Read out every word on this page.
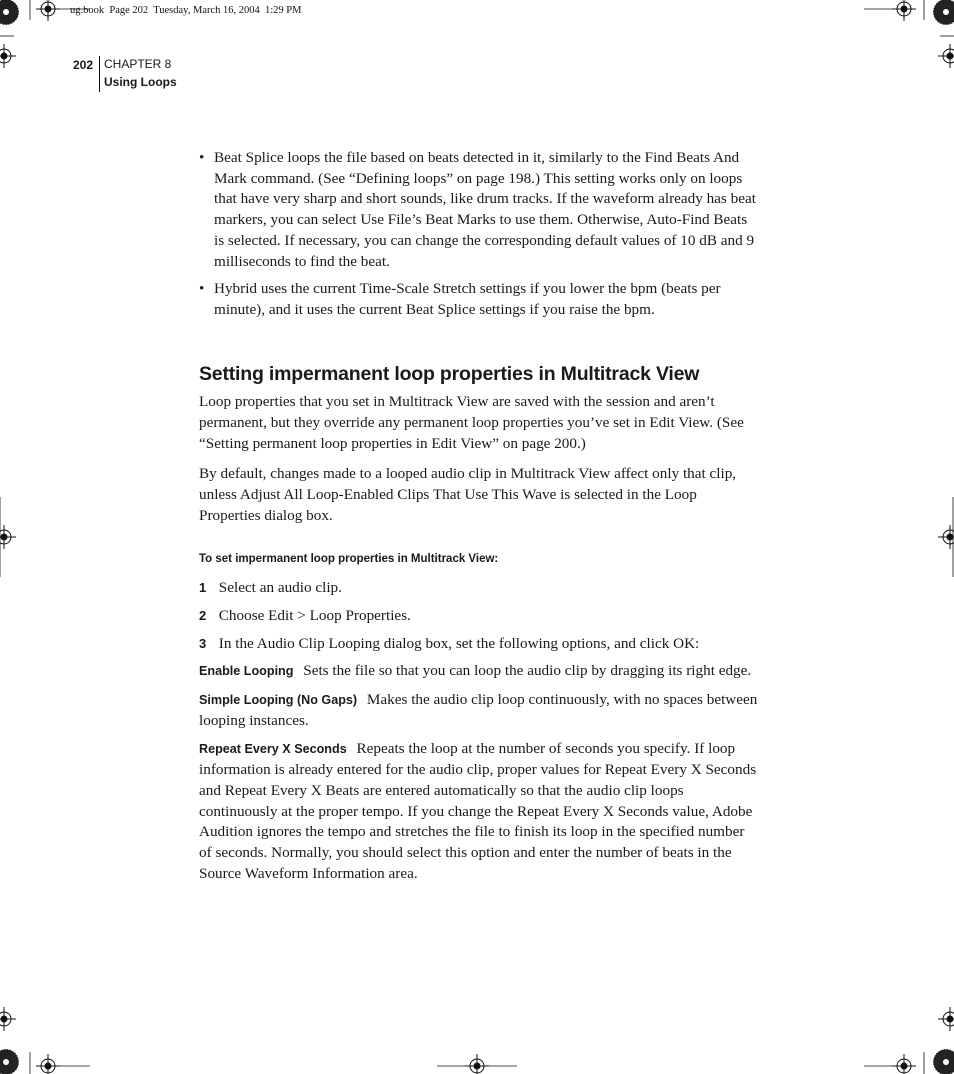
ug.book  Page 202  Tuesday, March 16, 2004  1:29 PM
202 CHAPTER 8
Using Loops
• Beat Splice loops the file based on beats detected in it, similarly to the Find Beats And Mark command. (See “Defining loops” on page 198.) This setting works only on loops that have very sharp and short sounds, like drum tracks. If the waveform already has beat markers, you can select Use File’s Beat Marks to use them. Otherwise, Auto-Find Beats is selected. If necessary, you can change the corresponding default values of 10 dB and 9 milliseconds to find the beat.
• Hybrid uses the current Time-Scale Stretch settings if you lower the bpm (beats per minute), and it uses the current Beat Splice settings if you raise the bpm.
Setting impermanent loop properties in Multitrack View

Loop properties that you set in Multitrack View are saved with the session and aren’t permanent, but they override any permanent loop properties you’ve set in Edit View. (See “Setting permanent loop properties in Edit View” on page 200.)

By default, changes made to a looped audio clip in Multitrack View affect only that clip, unless Adjust All Loop-Enabled Clips That Use This Wave is selected in the Loop Properties dialog box.

To set impermanent loop properties in Multitrack View:
1 Select an audio clip.
2 Choose Edit > Loop Properties.
3 In the Audio Clip Looping dialog box, set the following options, and click OK:
Enable Looping Sets the file so that you can loop the audio clip by dragging its right edge.
Simple Looping (No Gaps) Makes the audio clip loop continuously, with no spaces between looping instances.
Repeat Every X Seconds Repeats the loop at the number of seconds you specify. If loop information is already entered for the audio clip, proper values for Repeat Every X Seconds and Repeat Every X Beats are entered automatically so that the audio clip loops continuously at the proper tempo. If you change the Repeat Every X Seconds value, Adobe Audition ignores the tempo and stretches the file to finish its loop in the specified number of seconds. Normally, you should select this option and enter the number of beats in the Source Waveform Information area.
